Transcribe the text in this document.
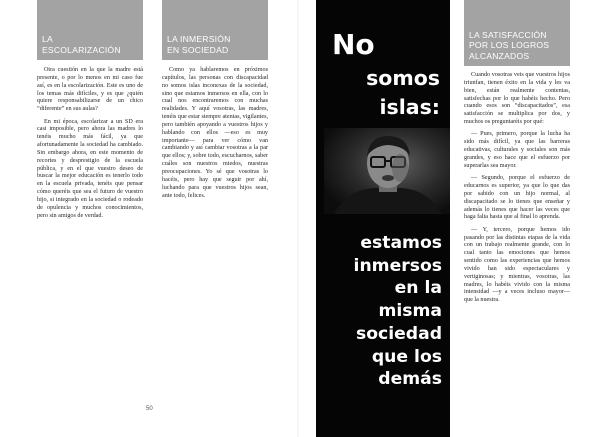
LA
ESCOLARIZACIÓN

Otra cuestión en la que la madre está presente, o por lo menos en mi caso fue así, es en la escolarización. Este es uno de los temas más difíciles, y es que ¿quién quiere responsabilizarse de un chico “diferente” en sus aulas?

En mi época, escolarizar a un SD era casi imposible, pero ahora las madres lo tenéis mucho más fácil, ya que afortunadamente la sociedad ha cambiado. Sin embargo ahora, en este momento de recortes y desprestigio de la escuela pública, y en el que vuestro deseo de buscar la mejor educación es tenerlo todo en la escuela privada, tenéis que pensar cómo queréis que sea el futuro de vuestro hijo, si integrado en la sociedad o rodeado de opulencia y muchos conocimientos, pero sin amigos de verdad.

LA INMERSIÓN
EN SOCIEDAD

Como ya hablaremos en próximos capítulos, las personas con discapacidad no somos islas inconexas de la sociedad, sino que estamos inmersos en ella, con lo cual nos encontraremos con muchas realidades. Y aquí vosotras, las madres, tenéis que estar siempre atentas, vigilantes, pero también apoyando a vuestros hijos y hablando con ellos —eso es muy importante— para ver cómo van cambiando y así cambiar vosotras a la par que ellos; y, sobre todo, escucharnos, saber cuáles son nuestros miedos, nuestras preocupaciones. Yo sé que vosotras lo hacéis, pero hay que seguir por ahí, luchando para que vuestros hijos sean, ante todo, felices.

50
No
somos
islas:
estamos
inmersos
en la
misma
sociedad
que los
demás
LA SATISFACCIÓN
POR LOS LOGROS
ALCANZADOS

Cuando vosotras veis que vuestros hijos triunfan, tienen éxito en la vida y les va bien, están realmente contentas, satisfechas por lo que habéis hecho. Pero cuando esos son “discapacitados”, esa satisfacción se multiplica por dos, y muchos os preguntaréis por qué:

— Pues, primero, porque la lucha ha sido más difícil, ya que las barreras educativas, culturales y sociales son más grandes, y eso hace que el esfuerzo por superarlas sea mayor.

— Segundo, porque el esfuerzo de educarnos es superior, ya que lo que das por sabido con un hijo normal, al discapacitado se lo tienes que enseñar y además lo tienes que hacer las veces que haga falta hasta que al final lo aprenda.

— Y, tercero, porque hemos ido pasando por las distintas etapas de la vida con un trabajo realmente grande, con lo cual tanto las emociones que hemos sentido como las experiencias que hemos vivido han sido espectaculares y vertiginosas; y mientras, vosotras, las madres, lo habéis vivido con la misma intensidad —y a veces incluso mayor— que la nuestra.
